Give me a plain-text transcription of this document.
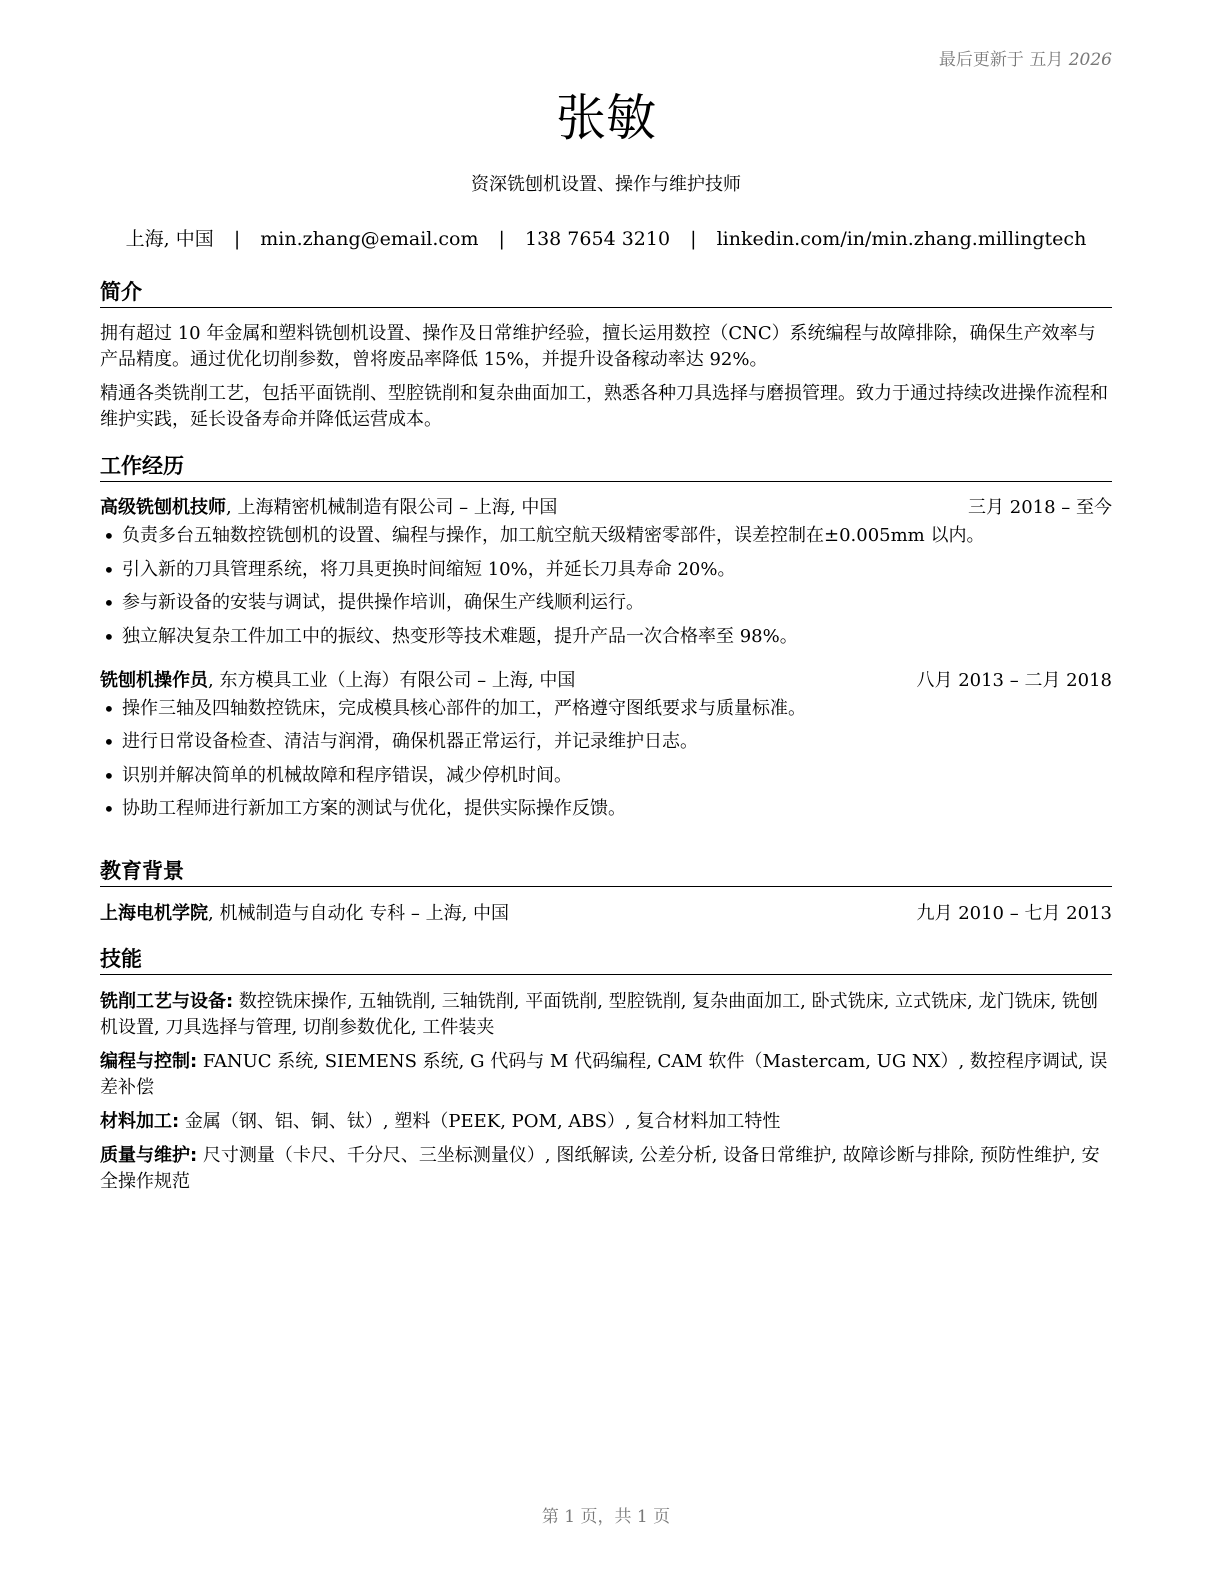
最后更新于 五月 2026
张敏
资深铣刨机设置、操作与维护技师
上海, 中国 | min.zhang@email.com | 138 7654 3210 | linkedin.com/in/min.zhang.millingtech
简介

拥有超过 10 年金属和塑料铣刨机设置、操作及日常维护经验，擅长运用数控（CNC）系统编程与故障排除，确保生产效率与产品精度。通过优化切削参数，曾将废品率降低 15%，并提升设备稼动率达 92%。

精通各类铣削工艺，包括平面铣削、型腔铣削和复杂曲面加工，熟悉各种刀具选择与磨损管理。致力于通过持续改进操作流程和维护实践，延长设备寿命并降低运营成本。

工作经历
高级铣刨机技师, 上海精密机械制造有限公司 – 上海, 中国	三月 2018 – 至今
• 负责多台五轴数控铣刨机的设置、编程与操作，加工航空航天级精密零部件，误差控制在±0.005mm 以内。
• 引入新的刀具管理系统，将刀具更换时间缩短 10%，并延长刀具寿命 20%。
• 参与新设备的安装与调试，提供操作培训，确保生产线顺利运行。
• 独立解决复杂工件加工中的振纹、热变形等技术难题，提升产品一次合格率至 98%。
铣刨机操作员, 东方模具工业（上海）有限公司 – 上海, 中国	八月 2013 – 二月 2018
• 操作三轴及四轴数控铣床，完成模具核心部件的加工，严格遵守图纸要求与质量标准。
• 进行日常设备检查、清洁与润滑，确保机器正常运行，并记录维护日志。
• 识别并解决简单的机械故障和程序错误，减少停机时间。
• 协助工程师进行新加工方案的测试与优化，提供实际操作反馈。
教育背景
上海电机学院, 机械制造与自动化 专科 – 上海, 中国	九月 2010 – 七月 2013
技能

铣削工艺与设备: 数控铣床操作, 五轴铣削, 三轴铣削, 平面铣削, 型腔铣削, 复杂曲面加工, 卧式铣床, 立式铣床, 龙门铣床, 铣刨机设置, 刀具选择与管理, 切削参数优化, 工件装夹

编程与控制: FANUC 系统, SIEMENS 系统, G 代码与 M 代码编程, CAM 软件（Mastercam, UG NX）, 数控程序调试, 误差补偿

材料加工: 金属（钢、铝、铜、钛）, 塑料（PEEK, POM, ABS）, 复合材料加工特性

质量与维护: 尺寸测量（卡尺、千分尺、三坐标测量仪）, 图纸解读, 公差分析, 设备日常维护, 故障诊断与排除, 预防性维护, 安全操作规范

第 1 页，共 1 页
